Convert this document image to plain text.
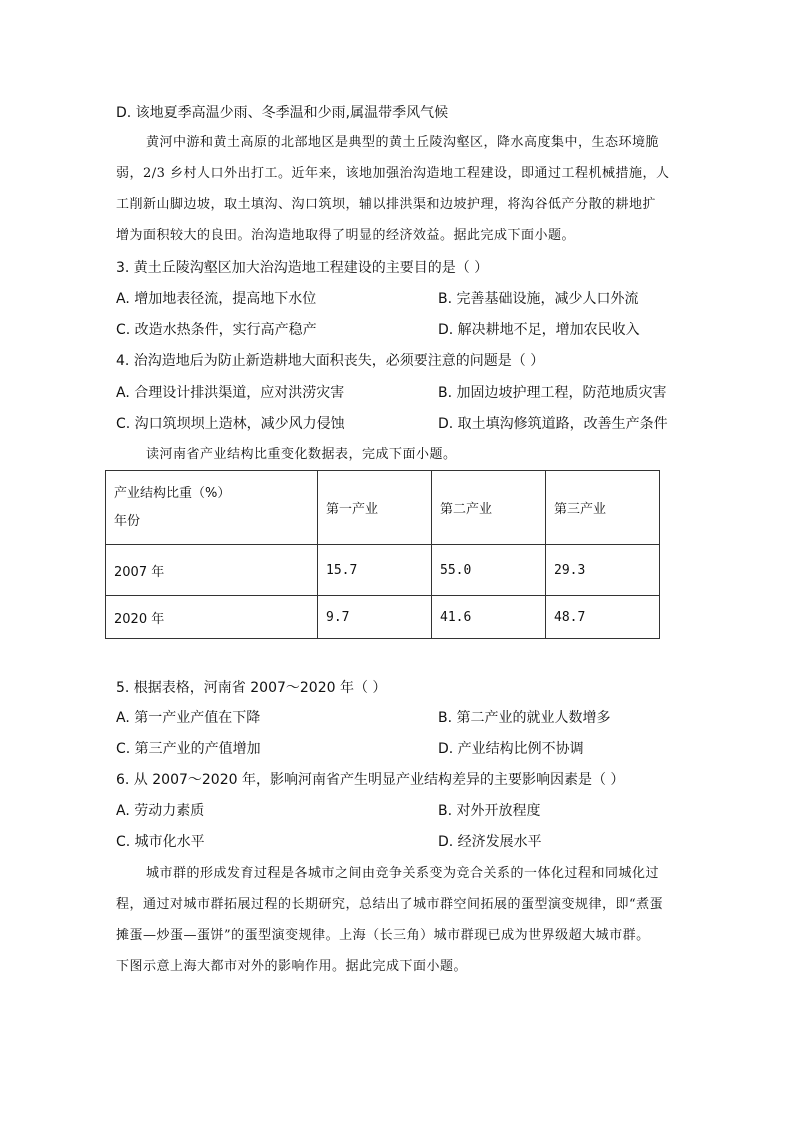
D. 该地夏季高温少雨、冬季温和少雨,属温带季风气候
黄河中游和黄土高原的北部地区是典型的黄土丘陵沟壑区，降水高度集中，生态环境脆
弱，2/3 乡村人口外出打工。近年来，该地加强治沟造地工程建设，即通过工程机械措施，人
工削新山脚边坡，取土填沟、沟口筑坝，辅以排洪渠和边坡护理，将沟谷低产分散的耕地扩
增为面积较大的良田。治沟造地取得了明显的经济效益。据此完成下面小题。
3. 黄土丘陵沟壑区加大治沟造地工程建设的主要目的是（ ）
A. 增加地表径流，提高地下水位	B. 完善基础设施，减少人口外流
C. 改造水热条件，实行高产稳产	D. 解决耕地不足，增加农民收入
4. 治沟造地后为防止新造耕地大面积丧失，必须要注意的问题是（ ）
A. 合理设计排洪渠道，应对洪涝灾害	B. 加固边坡护理工程，防范地质灾害
C. 沟口筑坝坝上造林，减少风力侵蚀	D. 取土填沟修筑道路，改善生产条件
读河南省产业结构比重变化数据表，完成下面小题。
产业结构比重（%）
年份	第一产业	第二产业	第三产业
2007 年	15.7	55.0	29.3
2020 年	9.7	41.6	48.7
5. 根据表格，河南省 2007～2020 年（ ）
A. 第一产业产值在下降	B. 第二产业的就业人数增多
C. 第三产业的产值增加	D. 产业结构比例不协调
6. 从 2007～2020 年，影响河南省产生明显产业结构差异的主要影响因素是（ ）
A. 劳动力素质	B. 对外开放程度
C. 城市化水平	D. 经济发展水平
城市群的形成发育过程是各城市之间由竞争关系变为竞合关系的一体化过程和同城化过
程，通过对城市群拓展过程的长期研究，总结出了城市群空间拓展的蛋型演变规律，即“煮蛋
摊蛋—炒蛋—蛋饼”的蛋型演变规律。上海（长三角）城市群现已成为世界级超大城市群。
下图示意上海大都市对外的影响作用。据此完成下面小题。
